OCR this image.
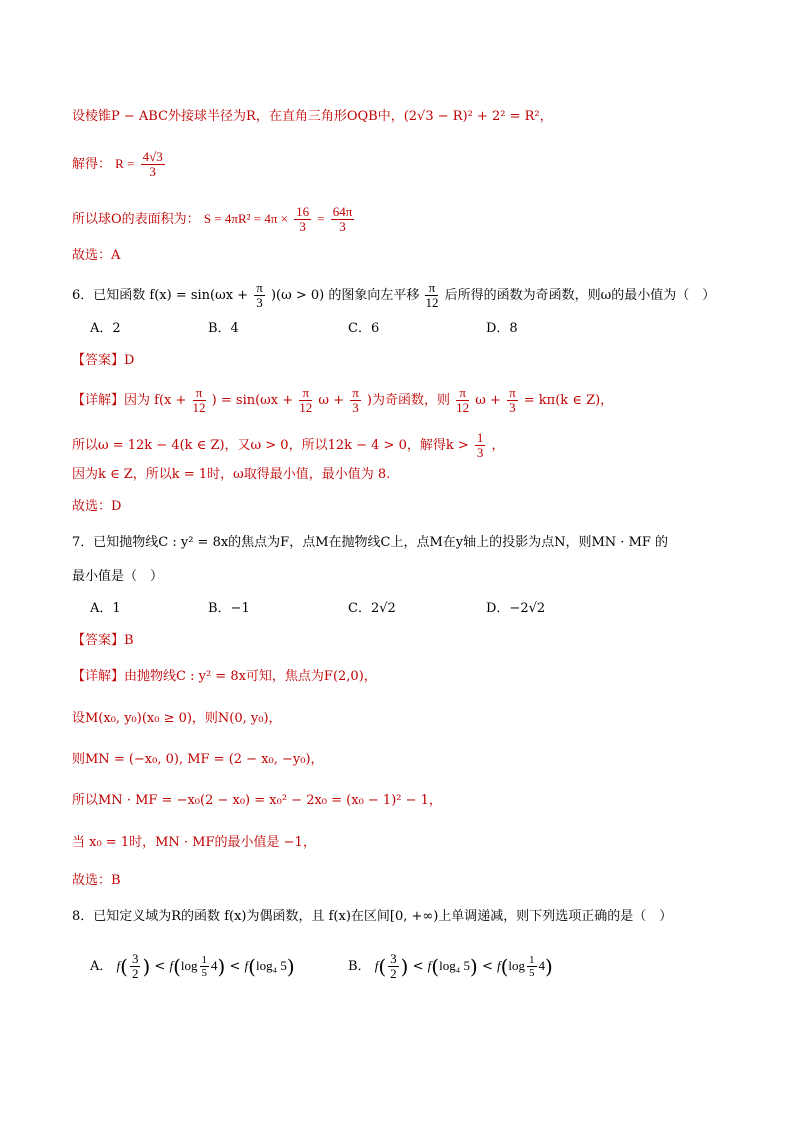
设棱锥P − ABC外接球半径为R，在直角三角形OQB中，(2√3 − R)² + 2² = R²，
解得： $R = \frac{4√3}{3}$
所以球O的表面积为： $S = 4\pi R^2 = 4\pi \times \frac{16}{3} = \frac{64\pi}{3}$
故选：A
6．已知函数 $f(x) = \sin(\omega x + \frac{\pi}{3} )(\omega > 0)$ 的图象向左平移 $\frac{\pi}{12}$ 后所得的函数为奇函数，则ω的最小值为（　）
A．2	B．4	C．6	D．8
【答案】D
【详解】因为 $f(x + \frac{\pi}{12}$ ) = $\sin(\omega x + \frac{\pi}{12}$ $\omega + \frac{\pi}{3}$ )为奇函数，则 $\frac{\pi}{12}$ $\omega + \frac{\pi}{3} = k\pi(k$ ∈ Z)，
所以ω = 12k − 4(k ∈ Z)，又ω > 0，所以12k − 4 > 0，解得$k > \frac{1}{3}$ ，
因为k ∈ Z，所以k = 1时，ω取得最小值，最小值为 8.
故选：D
7．已知抛物线C : y² = 8x的焦点为F，点M在抛物线C上，点M在y轴上的投影为点N，则MN · MF 的
最小值是（　）
A．1	B．−1	C．2√2	D．−2√2
【答案】B
【详解】由抛物线C : y² = 8x可知，焦点为F(2,0)，
设M(x₀, y₀)(x₀ ≥ 0)，则N(0, y₀)，
则MN = (−x₀, 0), MF = (2 − x₀, −y₀)，
所以MN · MF = −x₀(2 − x₀) = x₀² − 2x₀ = (x₀ − 1)² − 1，
当 x₀ = 1时，MN · MF的最小值是 −1，
故选：B
8．已知定义域为R的函数 f(x)为偶函数，且 f(x)在区间[0, +∞)上单调递减，则下列选项正确的是（　）
A． $f( \frac{3}{2}$ ) < $f(\log \frac{1}{5} 4) < f(\log_4$ 5)	B． $f( \frac{3}{2}$ ) < f(log₄ $5) < f(\log \frac{1}{5} 4)$
